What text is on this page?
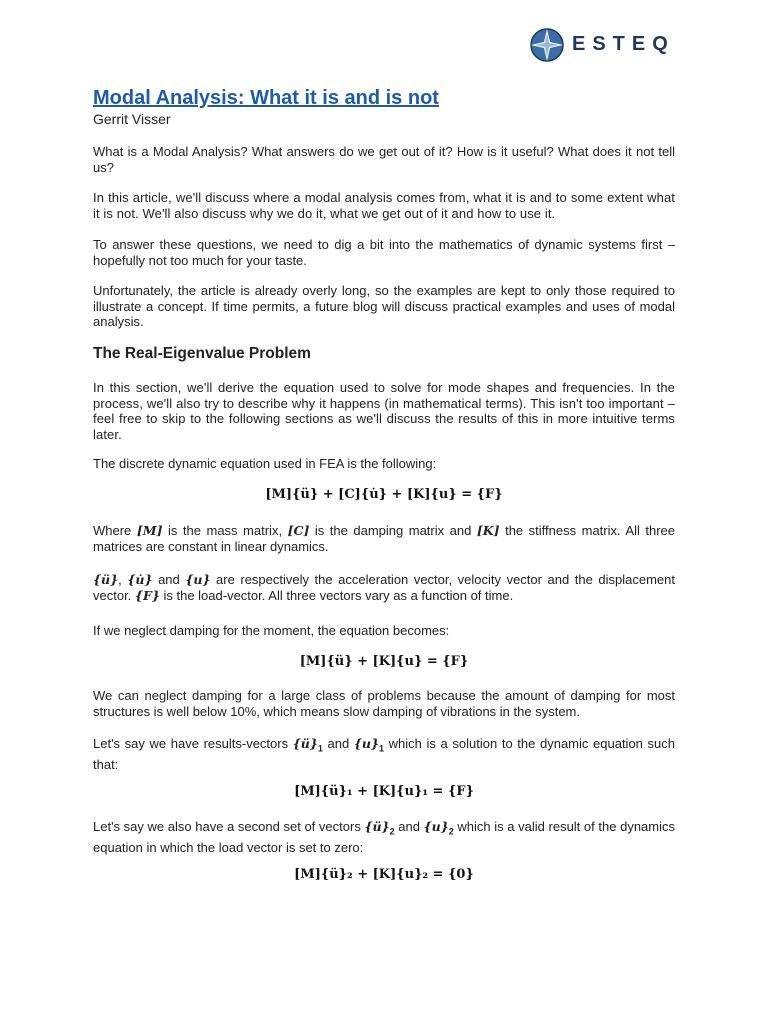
ESTEQ
Modal Analysis: What it is and is not
Gerrit Visser
What is a Modal Analysis? What answers do we get out of it? How is it useful? What does it not tell us?
In this article, we'll discuss where a modal analysis comes from, what it is and to some extent what it is not. We'll also discuss why we do it, what we get out of it and how to use it.
To answer these questions, we need to dig a bit into the mathematics of dynamic systems first – hopefully not too much for your taste.
Unfortunately, the article is already overly long, so the examples are kept to only those required to illustrate a concept. If time permits, a future blog will discuss practical examples and uses of modal analysis.
The Real-Eigenvalue Problem
In this section, we'll derive the equation used to solve for mode shapes and frequencies. In the process, we'll also try to describe why it happens (in mathematical terms). This isn't too important – feel free to skip to the following sections as we'll discuss the results of this in more intuitive terms later.
The discrete dynamic equation used in FEA is the following:
[M]{ü} + [C]{u̇} + [K]{u} = {F}
Where [M] is the mass matrix, [C] is the damping matrix and [K] the stiffness matrix. All three matrices are constant in linear dynamics.
{ü}, {u̇} and {u} are respectively the acceleration vector, velocity vector and the displacement vector. {F} is the load-vector. All three vectors vary as a function of time.
If we neglect damping for the moment, the equation becomes:
[M]{ü} + [K]{u} = {F}
We can neglect damping for a large class of problems because the amount of damping for most structures is well below 10%, which means slow damping of vibrations in the system.
Let's say we have results-vectors $\{ü\}_1$ and $\{u\}_1$ which is a solution to the dynamic equation such that:
[M]{ü}₁ + [K]{u}₁ = {F}
Let's say we also have a second set of vectors $\{ü\}_2$ and $\{u\}_2$ which is a valid result of the dynamics equation in which the load vector is set to zero:
[M]{ü}₂ + [K]{u}₂ = {0}
